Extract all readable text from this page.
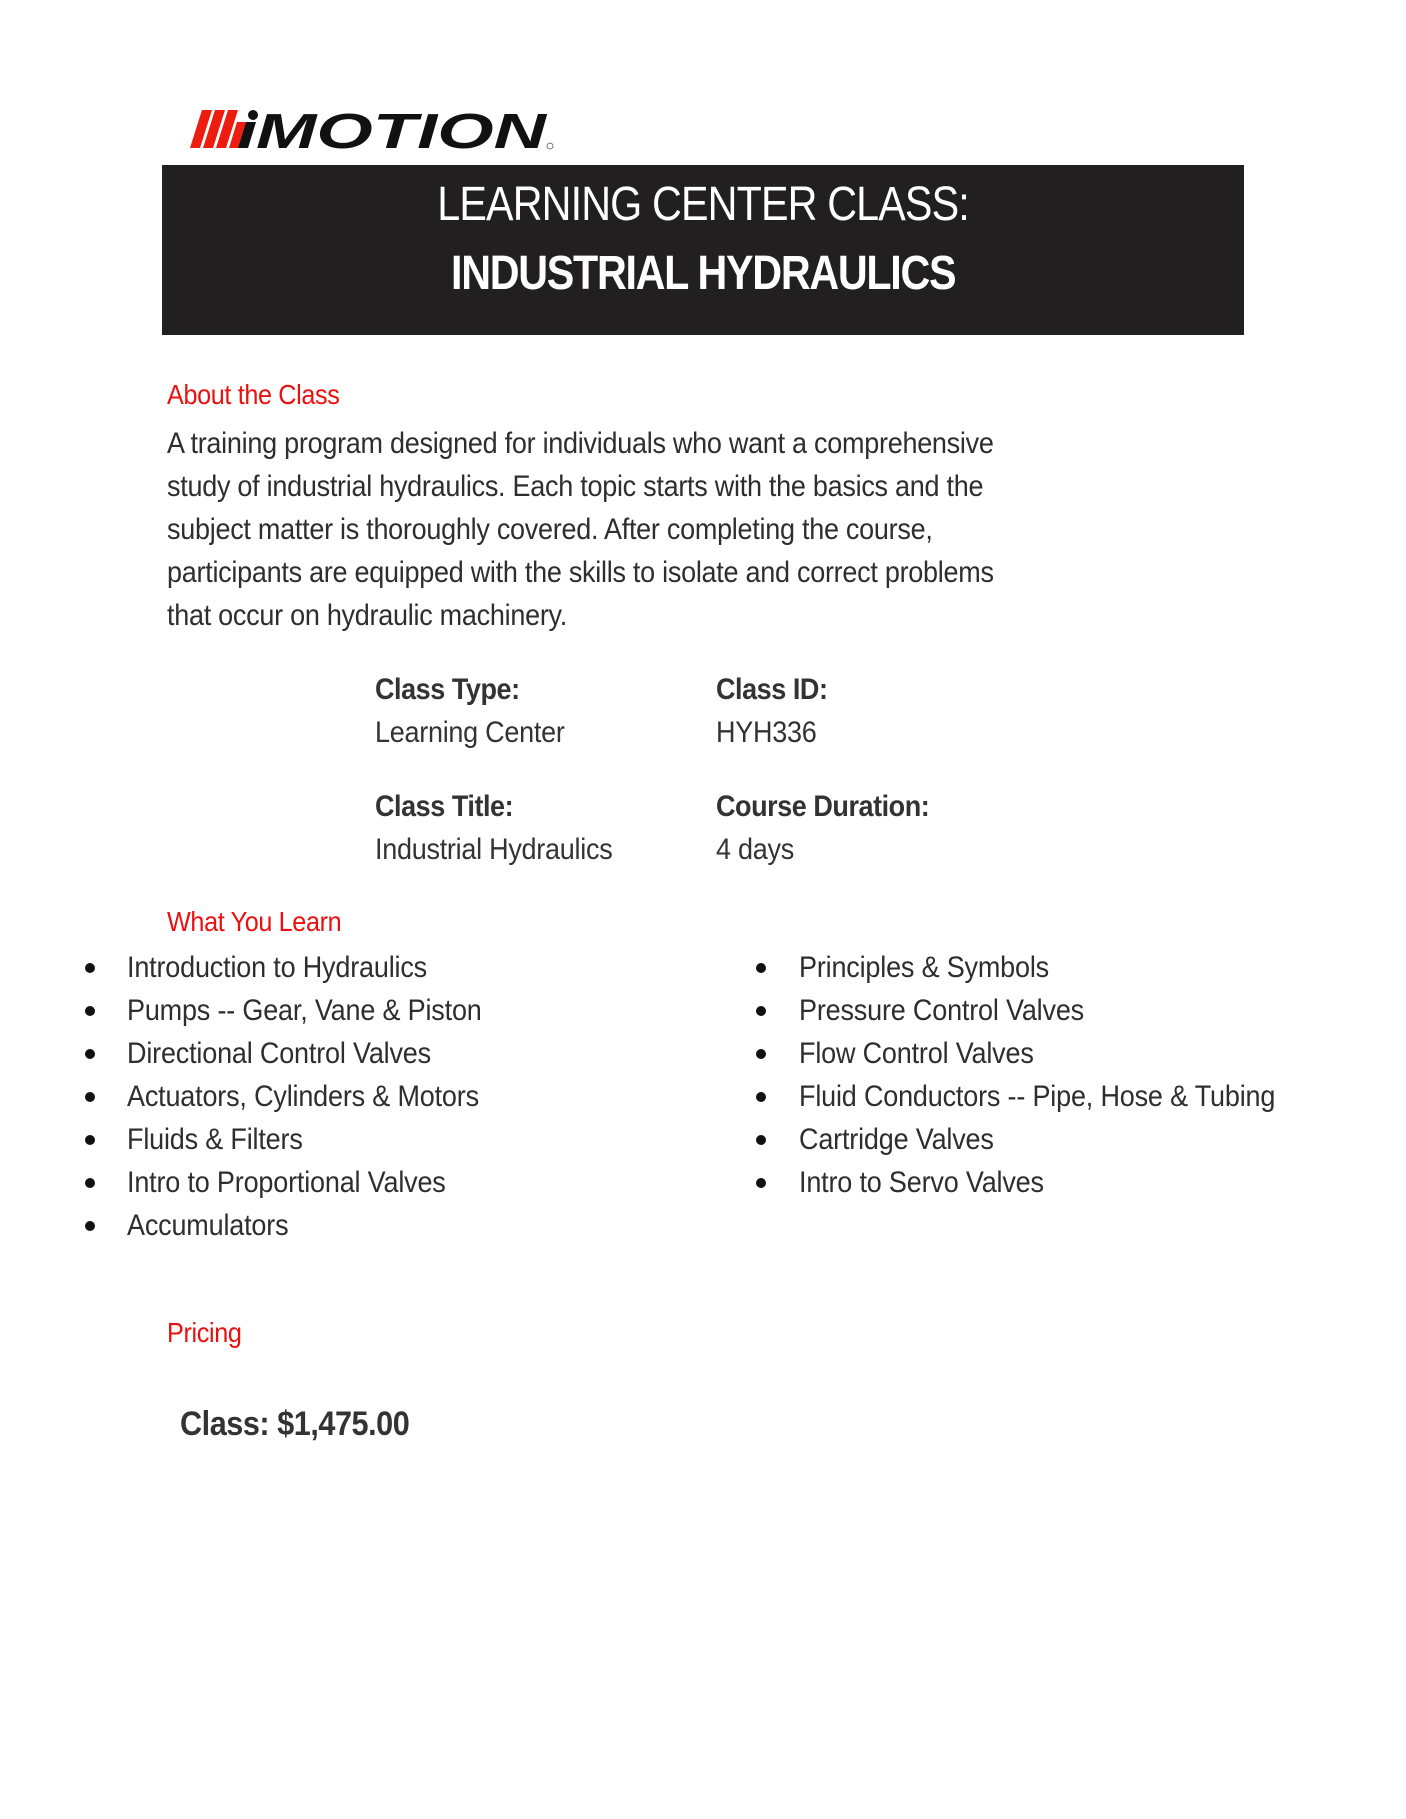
MOTION
LEARNING CENTER CLASS:
INDUSTRIAL HYDRAULICS
About the Class
A training program designed for individuals who want a comprehensive
study of industrial hydraulics. Each topic starts with the basics and the
subject matter is thoroughly covered. After completing the course,
participants are equipped with the skills to isolate and correct problems
that occur on hydraulic machinery.
Class Type:
Learning Center
Class ID:
HYH336
Class Title:
Industrial Hydraulics
Course Duration:
4 days
What You Learn
Introduction to Hydraulics
Pumps -- Gear, Vane & Piston
Directional Control Valves
Actuators, Cylinders & Motors
Fluids & Filters
Intro to Proportional Valves
Accumulators
Principles & Symbols
Pressure Control Valves
Flow Control Valves
Fluid Conductors -- Pipe, Hose & Tubing
Cartridge Valves
Intro to Servo Valves
Pricing
Class: $1,475.00
